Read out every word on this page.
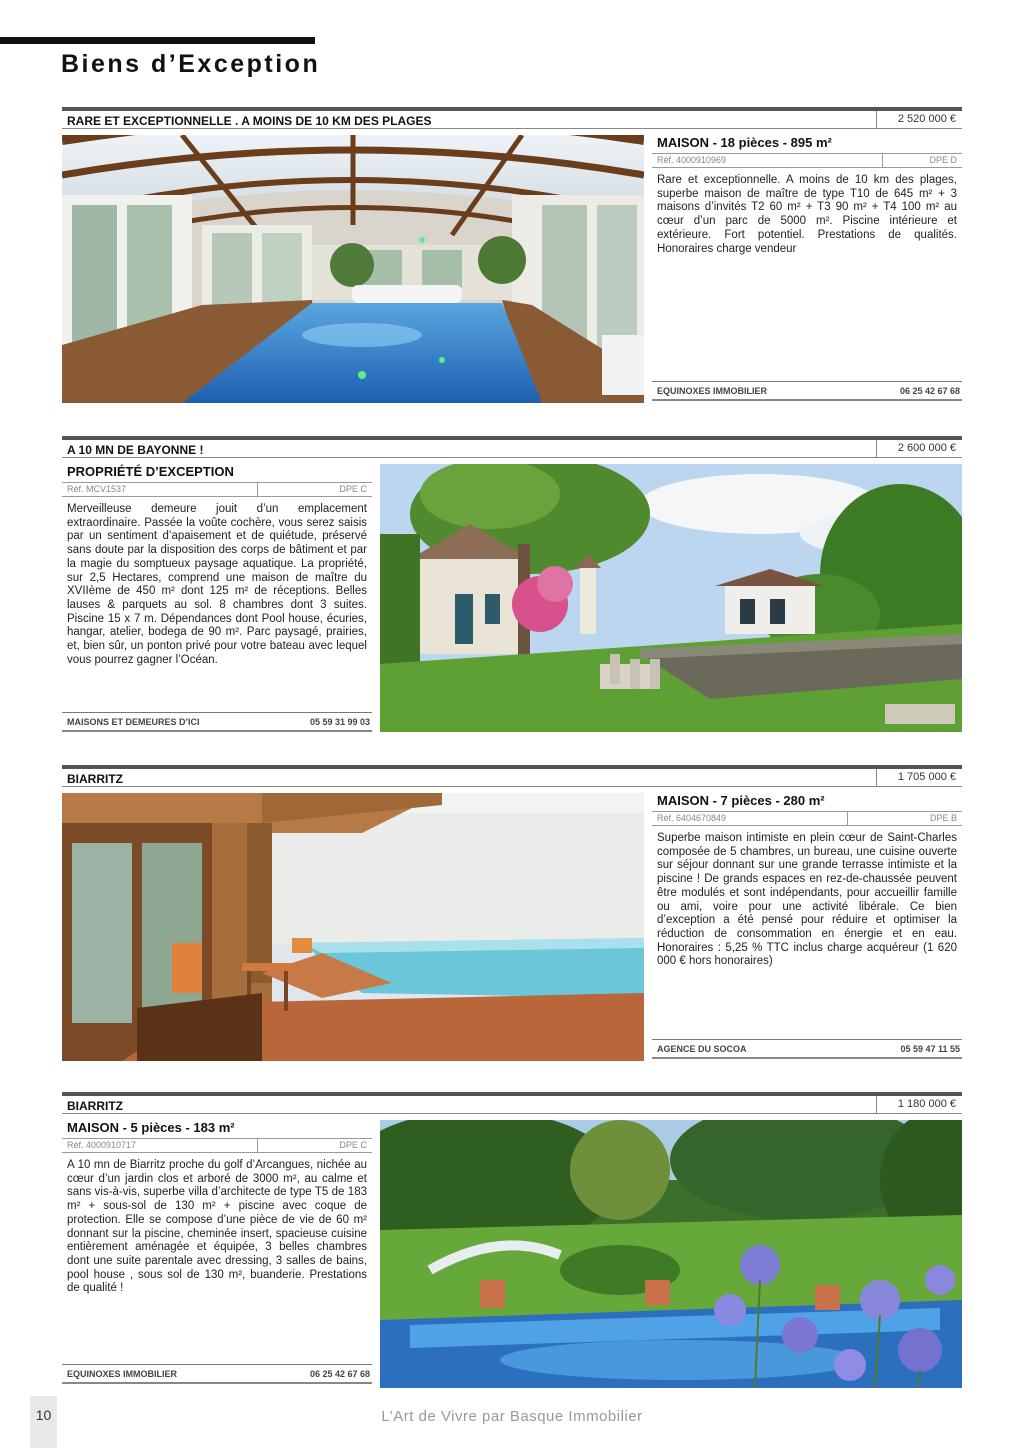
Biens d’Exception
RARE ET EXCEPTIONNELLE . A MOINS DE 10 KM DES PLAGES	2 520 000 €
MAISON - 18 pièces - 895 m²
Réf. 4000910969	DPE D
Rare et exceptionnelle. A moins de 10 km des plages, superbe maison de maître de type T10 de 645 m² + 3 maisons d’invités T2 60 m² + T3 90 m² + T4 100 m² au cœur d’un parc de 5000 m². Piscine intérieure et extérieure. Fort potentiel. Prestations de qualités. Honoraires charge vendeur
EQUINOXES IMMOBILIER	06 25 42 67 68
A 10 MN DE BAYONNE !	2 600 000 €
PROPRIÉTÉ D’EXCEPTION
Réf. MCV1537	DPE C
Merveilleuse demeure jouit d’un emplacement extraordinaire. Passée la voûte cochère, vous serez saisis par un sentiment d’apaisement et de quiétude, préservé sans doute par la disposition des corps de bâtiment et par la magie du somptueux paysage aquatique. La propriété, sur 2,5 Hectares, comprend une maison de maître du XVIIème de 450 m² dont 125 m² de réceptions. Belles lauses & parquets au sol. 8 chambres dont 3 suites. Piscine 15 x 7 m. Dépendances dont Pool house, écuries, hangar, atelier, bodega de 90 m². Parc paysagé, prairies, et, bien sûr, un ponton privé pour votre bateau avec lequel vous pourrez gagner l’Océan.
MAISONS ET DEMEURES D’ICI	05 59 31 99 03
BIARRITZ	1 705 000 €
MAISON - 7 pièces - 280 m²
Réf. 6404670849	DPE B
Superbe maison intimiste en plein cœur de Saint-Charles composée de 5 chambres, un bureau, une cuisine ouverte sur séjour donnant sur une grande terrasse intimiste et la piscine ! De grands espaces en rez-de-chaussée peuvent être modulés et sont indépendants, pour accueillir famille ou ami, voire pour une activité libérale. Ce bien d’exception a été pensé pour réduire et optimiser la réduction de consommation en énergie et en eau. Honoraires : 5,25 % TTC inclus charge acquéreur (1 620 000 € hors honoraires)
AGENCE DU SOCOA	05 59 47 11 55
BIARRITZ	1 180 000 €
MAISON - 5 pièces - 183 m²
Réf. 4000910717	DPE C
A 10 mn de Biarritz proche du golf d’Arcangues, nichée au cœur d’un jardin clos et arboré de 3000 m², au calme et sans vis-à-vis, superbe villa d’architecte de type T5 de 183 m² + sous-sol de 130 m² + piscine avec coque de protection. Elle se compose d’une pièce de vie de 60 m² donnant sur la piscine, cheminée insert, spacieuse cuisine entièrement aménagée et équipée, 3 belles chambres dont une suite parentale avec dressing, 3 salles de bains, pool house , sous sol de 130 m², buanderie. Prestations de qualité !
EQUINOXES IMMOBILIER	06 25 42 67 68
10	L’Art de Vivre par Basque Immobilier
